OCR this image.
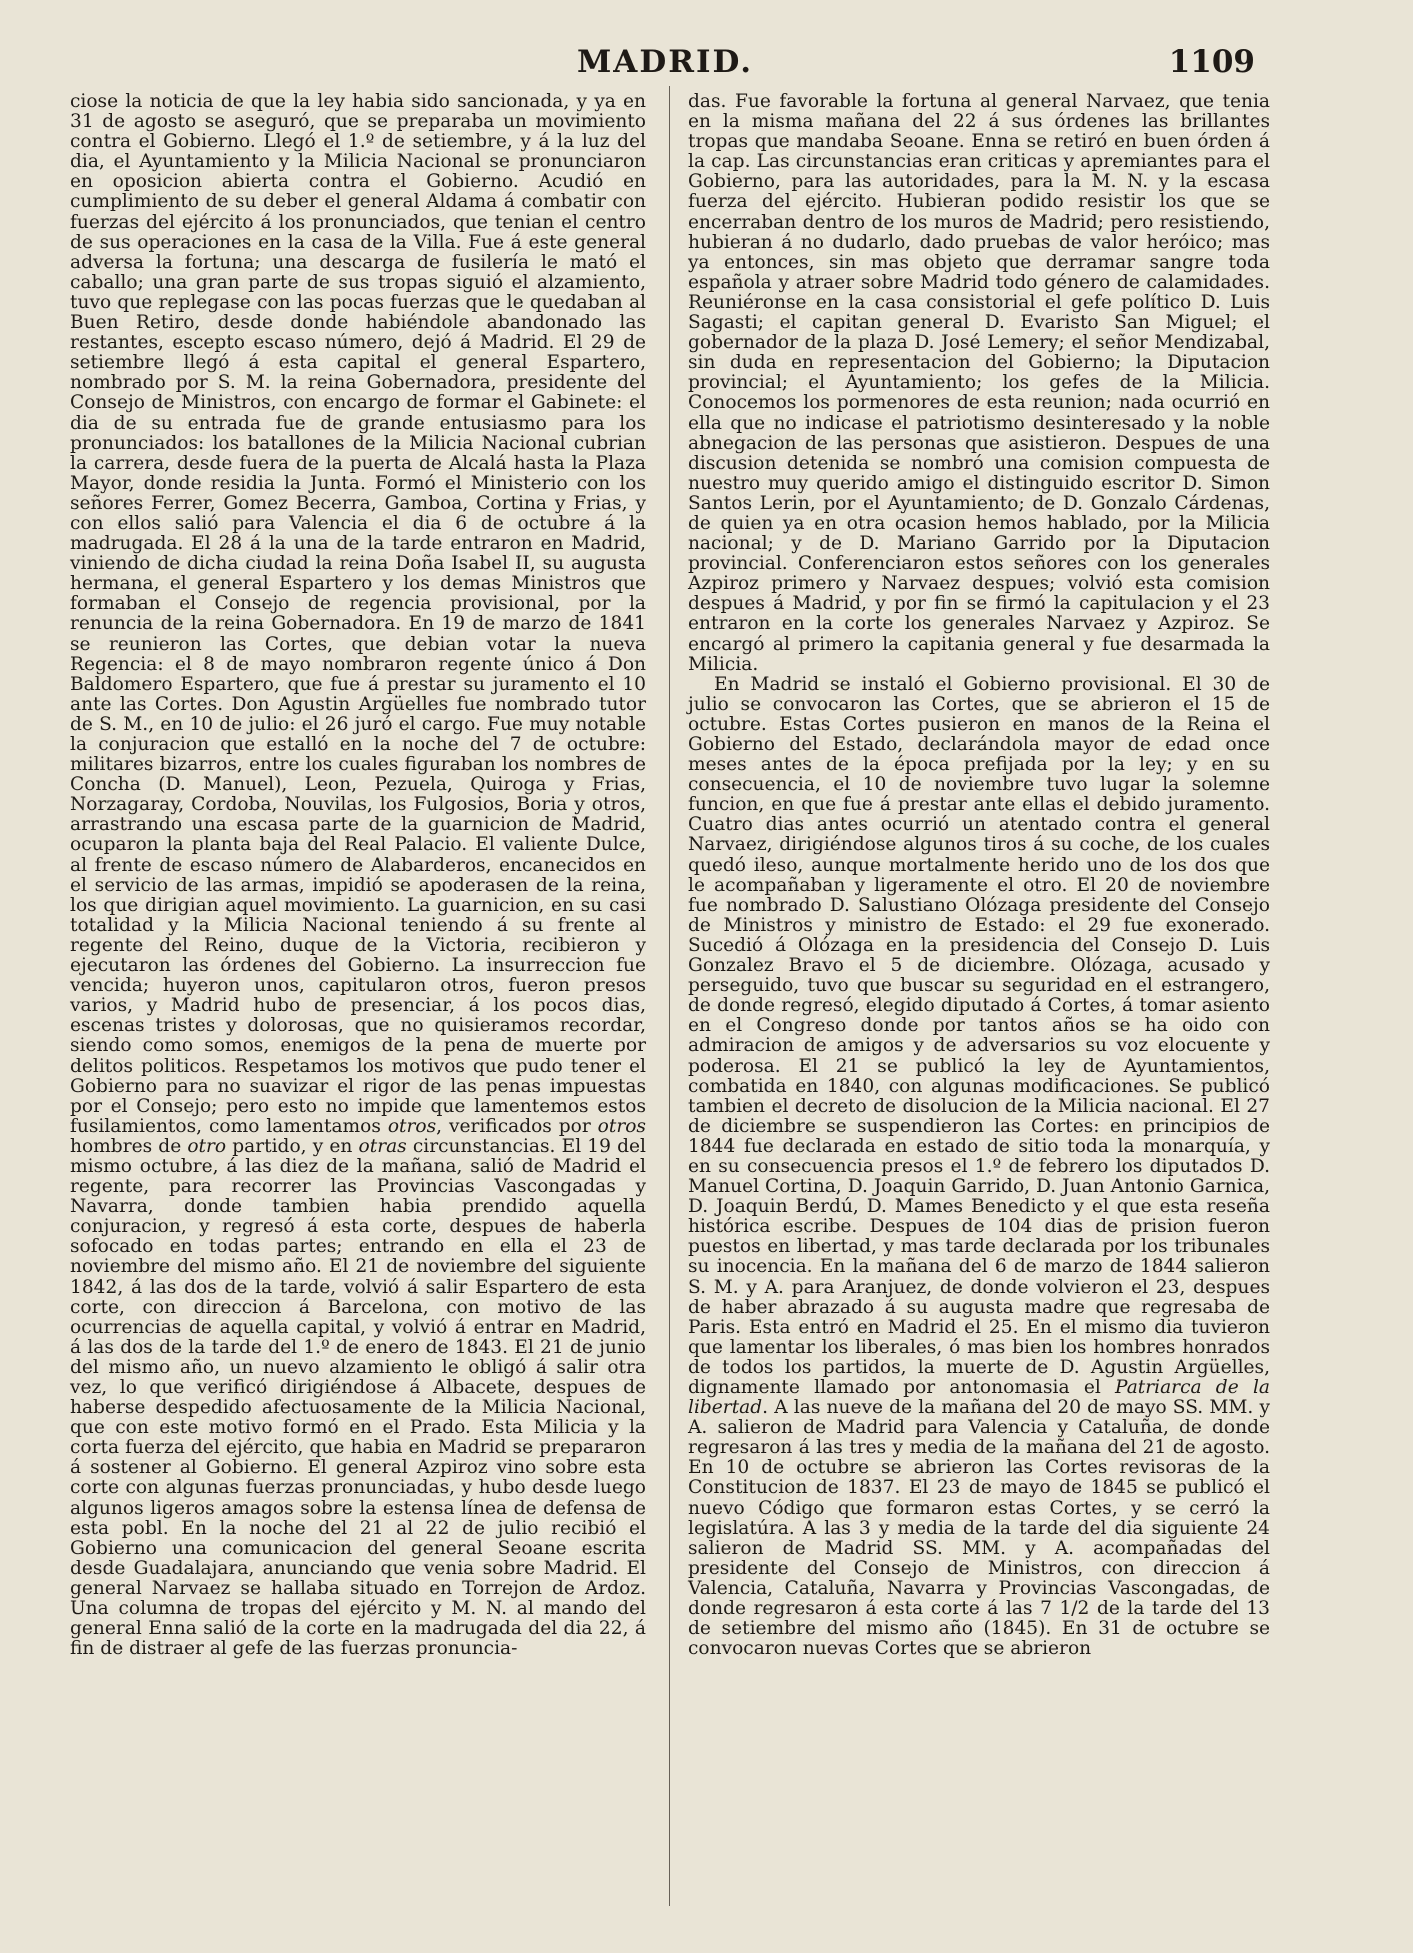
MADRID.	1109

ciose la noticia de que la ley habia sido sancionada, y ya en 31 de agosto se aseguró, que se preparaba un movimiento contra el Gobierno. Llegó el 1.º de setiembre, y á la luz del dia, el Ayuntamiento y la Milicia Nacional se pronunciaron en oposicion abierta contra el Gobierno. Acudió en cumplimiento de su deber el general Aldama á combatir con fuerzas del ejército á los pronunciados, que tenian el centro de sus operaciones en la casa de la Villa. Fue á este general adversa la fortuna; una descarga de fusilería le mató el caballo; una gran parte de sus tropas siguió el alzamiento, tuvo que replegase con las pocas fuerzas que le quedaban al Buen Retiro, desde donde habiéndole abandonado las restantes, escepto escaso número, dejó á Madrid. El 29 de setiembre llegó á esta capital el general Espartero, nombrado por S. M. la reina Gobernadora, presidente del Consejo de Ministros, con encargo de formar el Gabinete: el dia de su entrada fue de grande entusiasmo para los pronunciados: los batallones de la Milicia Nacional cubrian la carrera, desde fuera de la puerta de Alcalá hasta la Plaza Mayor, donde residia la Junta. Formó el Ministerio con los señores Ferrer, Gomez Becerra, Gamboa, Cortina y Frias, y con ellos salió para Valencia el dia 6 de octubre á la madrugada. El 28 á la una de la tarde entraron en Madrid, viniendo de dicha ciudad la reina Doña Isabel II, su augusta hermana, el general Espartero y los demas Ministros que formaban el Consejo de regencia provisional, por la renuncia de la reina Gobernadora. En 19 de marzo de 1841 se reunieron las Cortes, que debian votar la nueva Regencia: el 8 de mayo nombraron regente único á Don Baldomero Espartero, que fue á prestar su juramento el 10 ante las Cortes. Don Agustin Argüelles fue nombrado tutor de S. M., en 10 de julio: el 26 juró el cargo. Fue muy notable la conjuracion que estalló en la noche del 7 de octubre: militares bizarros, entre los cuales figuraban los nombres de Concha (D. Manuel), Leon, Pezuela, Quiroga y Frias, Norzagaray, Cordoba, Nouvilas, los Fulgosios, Boria y otros, arrastrando una escasa parte de la guarnicion de Madrid, ocuparon la planta baja del Real Palacio. El valiente Dulce, al frente de escaso número de Alabarderos, encanecidos en el servicio de las armas, impidió se apoderasen de la reina, los que dirigian aquel movimiento. La guarnicion, en su casi totalidad y la Milicia Nacional teniendo á su frente al regente del Reino, duque de la Victoria, recibieron y ejecutaron las órdenes del Gobierno. La insurreccion fue vencida; huyeron unos, capitularon otros, fueron presos varios, y Madrid hubo de presenciar, á los pocos dias, escenas tristes y dolorosas, que no quisieramos recordar, siendo como somos, enemigos de la pena de muerte por delitos politicos. Respetamos los motivos que pudo tener el Gobierno para no suavizar el rigor de las penas impuestas por el Consejo; pero esto no impide que lamentemos estos fusilamientos, como lamentamos otros, verificados por otros hombres de otro partido, y en otras circunstancias. El 19 del mismo octubre, á las diez de la mañana, salió de Madrid el regente, para recorrer las Provincias Vascongadas y Navarra, donde tambien habia prendido aquella conjuracion, y regresó á esta corte, despues de haberla sofocado en todas partes; entrando en ella el 23 de noviembre del mismo año. El 21 de noviembre del siguiente 1842, á las dos de la tarde, volvió á salir Espartero de esta corte, con direccion á Barcelona, con motivo de las ocurrencias de aquella capital, y volvió á entrar en Madrid, á las dos de la tarde del 1.º de enero de 1843. El 21 de junio del mismo año, un nuevo alzamiento le obligó á salir otra vez, lo que verificó dirigiéndose á Albacete, despues de haberse despedido afectuosamente de la Milicia Nacional, que con este motivo formó en el Prado. Esta Milicia y la corta fuerza del ejército, que habia en Madrid se prepararon á sostener al Gobierno. El general Azpiroz vino sobre esta corte con algunas fuerzas pronunciadas, y hubo desde luego algunos ligeros amagos sobre la estensa línea de defensa de esta pobl. En la noche del 21 al 22 de julio recibió el Gobierno una comunicacion del general Seoane escrita desde Guadalajara, anunciando que venia sobre Madrid. El general Narvaez se hallaba situado en Torrejon de Ardoz. Una columna de tropas del ejército y M. N. al mando del general Enna salió de la corte en la madrugada del dia 22, á fin de distraer al gefe de las fuerzas pronuncia-

das. Fue favorable la fortuna al general Narvaez, que tenia en la misma mañana del 22 á sus órdenes las brillantes tropas que mandaba Seoane. Enna se retiró en buen órden á la cap. Las circunstancias eran criticas y apremiantes para el Gobierno, para las autoridades, para la M. N. y la escasa fuerza del ejército. Hubieran podido resistir los que se encerraban dentro de los muros de Madrid; pero resistiendo, hubieran á no dudarlo, dado pruebas de valor heróico; mas ya entonces, sin mas objeto que derramar sangre toda española y atraer sobre Madrid todo género de calamidades. Reuniéronse en la casa consistorial el gefe político D. Luis Sagasti; el capitan general D. Evaristo San Miguel; el gobernador de la plaza D. José Lemery; el señor Mendizabal, sin duda en representacion del Gobierno; la Diputacion provincial; el Ayuntamiento; los gefes de la Milicia. Conocemos los pormenores de esta reunion; nada ocurrió en ella que no indicase el patriotismo desinteresado y la noble abnegacion de las personas que asistieron. Despues de una discusion detenida se nombró una comision compuesta de nuestro muy querido amigo el distinguido escritor D. Simon Santos Lerin, por el Ayuntamiento; de D. Gonzalo Cárdenas, de quien ya en otra ocasion hemos hablado, por la Milicia nacional; y de D. Mariano Garrido por la Diputacion provincial. Conferenciaron estos señores con los generales Azpiroz primero y Narvaez despues; volvió esta comision despues á Madrid, y por fin se firmó la capitulacion y el 23 entraron en la corte los generales Narvaez y Azpiroz. Se encargó al primero la capitania general y fue desarmada la Milicia.

En Madrid se instaló el Gobierno provisional. El 30 de julio se convocaron las Cortes, que se abrieron el 15 de octubre. Estas Cortes pusieron en manos de la Reina el Gobierno del Estado, declarándola mayor de edad once meses antes de la época prefijada por la ley; y en su consecuencia, el 10 de noviembre tuvo lugar la solemne funcion, en que fue á prestar ante ellas el debido juramento. Cuatro dias antes ocurrió un atentado contra el general Narvaez, dirigiéndose algunos tiros á su coche, de los cuales quedó ileso, aunque mortalmente herido uno de los dos que le acompañaban y ligeramente el otro. El 20 de noviembre fue nombrado D. Salustiano Olózaga presidente del Consejo de Ministros y ministro de Estado: el 29 fue exonerado. Sucedió á Olózaga en la presidencia del Consejo D. Luis Gonzalez Bravo el 5 de diciembre. Olózaga, acusado y perseguido, tuvo que buscar su seguridad en el estrangero, de donde regresó, elegido diputado á Cortes, á tomar asiento en el Congreso donde por tantos años se ha oido con admiracion de amigos y de adversarios su voz elocuente y poderosa. El 21 se publicó la ley de Ayuntamientos, combatida en 1840, con algunas modificaciones. Se publicó tambien el decreto de disolucion de la Milicia nacional. El 27 de diciembre se suspendieron las Cortes: en principios de 1844 fue declarada en estado de sitio toda la monarquía, y en su consecuencia presos el 1.º de febrero los diputados D. Manuel Cortina, D. Joaquin Garrido, D. Juan Antonio Garnica, D. Joaquin Berdú, D. Mames Benedicto y el que esta reseña histórica escribe. Despues de 104 dias de prision fueron puestos en libertad, y mas tarde declarada por los tribunales su inocencia. En la mañana del 6 de marzo de 1844 salieron S. M. y A. para Aranjuez, de donde volvieron el 23, despues de haber abrazado á su augusta madre que regresaba de Paris. Esta entró en Madrid el 25. En el mismo dia tuvieron que lamentar los liberales, ó mas bien los hombres honrados de todos los partidos, la muerte de D. Agustin Argüelles, dignamente llamado por antonomasia el Patriarca de la libertad. A las nueve de la mañana del 20 de mayo SS. MM. y A. salieron de Madrid para Valencia y Cataluña, de donde regresaron á las tres y media de la mañana del 21 de agosto. En 10 de octubre se abrieron las Cortes revisoras de la Constitucion de 1837. El 23 de mayo de 1845 se publicó el nuevo Código que formaron estas Cortes, y se cerró la legislatúra. A las 3 y media de la tarde del dia siguiente 24 salieron de Madrid SS. MM. y A. acompañadas del presidente del Consejo de Ministros, con direccion á Valencia, Cataluña, Navarra y Provincias Vascongadas, de donde regresaron á esta corte á las 7 1/2 de la tarde del 13 de setiembre del mismo año (1845). En 31 de octubre se convocaron nuevas Cortes que se abrieron
